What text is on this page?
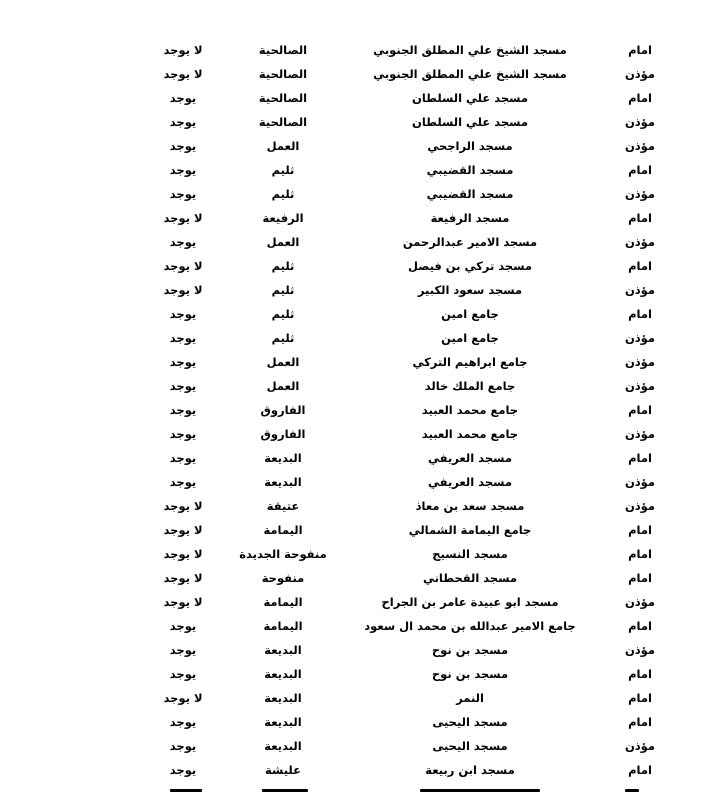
امام
مسجد الشيخ علي المطلق الجنوبي
الصالحية
لا يوجد
مؤذن
مسجد الشيخ علي المطلق الجنوبي
الصالحية
لا يوجد
امام
مسجد علي السلطان
الصالحية
يوجد
مؤذن
مسجد علي السلطان
الصالحية
يوجد
مؤذن
مسجد الراجحي
العمل
يوجد
امام
مسجد القضيبي
ثليم
يوجد
مؤذن
مسجد القضيبي
ثليم
يوجد
امام
مسجد الرفيعة
الرفيعة
لا يوجد
مؤذن
مسجد الامير عبدالرحمن
العمل
يوجد
امام
مسجد تركي بن فيصل
ثليم
لا يوجد
مؤذن
مسجد سعود الكبير
ثليم
لا يوجد
امام
جامع امين
ثليم
يوجد
مؤذن
جامع امين
ثليم
يوجد
مؤذن
جامع ابراهيم التركي
العمل
يوجد
مؤذن
جامع الملك خالد
العمل
يوجد
امام
جامع محمد العبيد
الفاروق
يوجد
مؤذن
جامع محمد العبيد
الفاروق
يوجد
امام
مسجد العريفي
البديعة
يوجد
مؤذن
مسجد العريفي
البديعة
يوجد
مؤذن
مسجد سعد بن معاذ
عتيقة
لا يوجد
امام
جامع اليمامة الشمالي
اليمامة
لا يوجد
امام
مسجد النسيج
منفوحة الجديدة
لا يوجد
امام
مسجد القحطاني
منفوحة
لا يوجد
مؤذن
مسجد ابو عبيدة عامر بن الجراح
اليمامة
لا يوجد
امام
جامع الامير عبدالله بن محمد ال سعود
اليمامة
يوجد
مؤذن
مسجد بن نوح
البديعة
يوجد
امام
مسجد بن نوح
البديعة
يوجد
امام
النمر
البديعة
لا يوجد
امام
مسجد اليحيى
البديعة
يوجد
مؤذن
مسجد اليحيى
البديعة
يوجد
امام
مسجد ابن ربيعة
عليشة
يوجد
